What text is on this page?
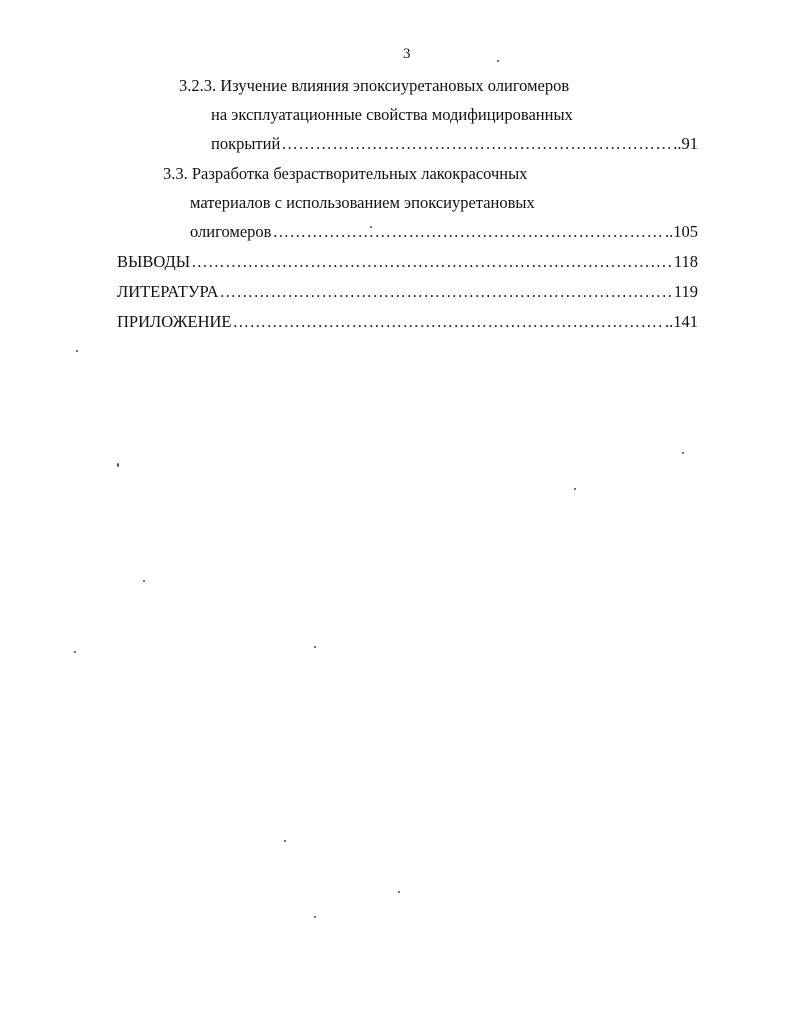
3
3.2.3. Изучение влияния эпоксиуретановых олигомеров
на эксплуатационные свойства модифицированных
покрытий ………………………………………………………………………………………………………………………………………………………………………………………………………………………………	..91
3.3. Разработка безрастворительных лакокрасочных
материалов с использованием эпоксиуретановых
олигомеров ………………………………………………………………………………………………………………………………………………………………………………………………………………………………	..105
ВЫВОДЫ ………………………………………………………………………………………………………………………………………………………………………………………………………………………………	118
ЛИТЕРАТУРА ………………………………………………………………………………………………………………………………………………………………………………………………………………………………	119
ПРИЛОЖЕНИЕ ………………………………………………………………………………………………………………………………………………………………………………………………………………………………	..141
